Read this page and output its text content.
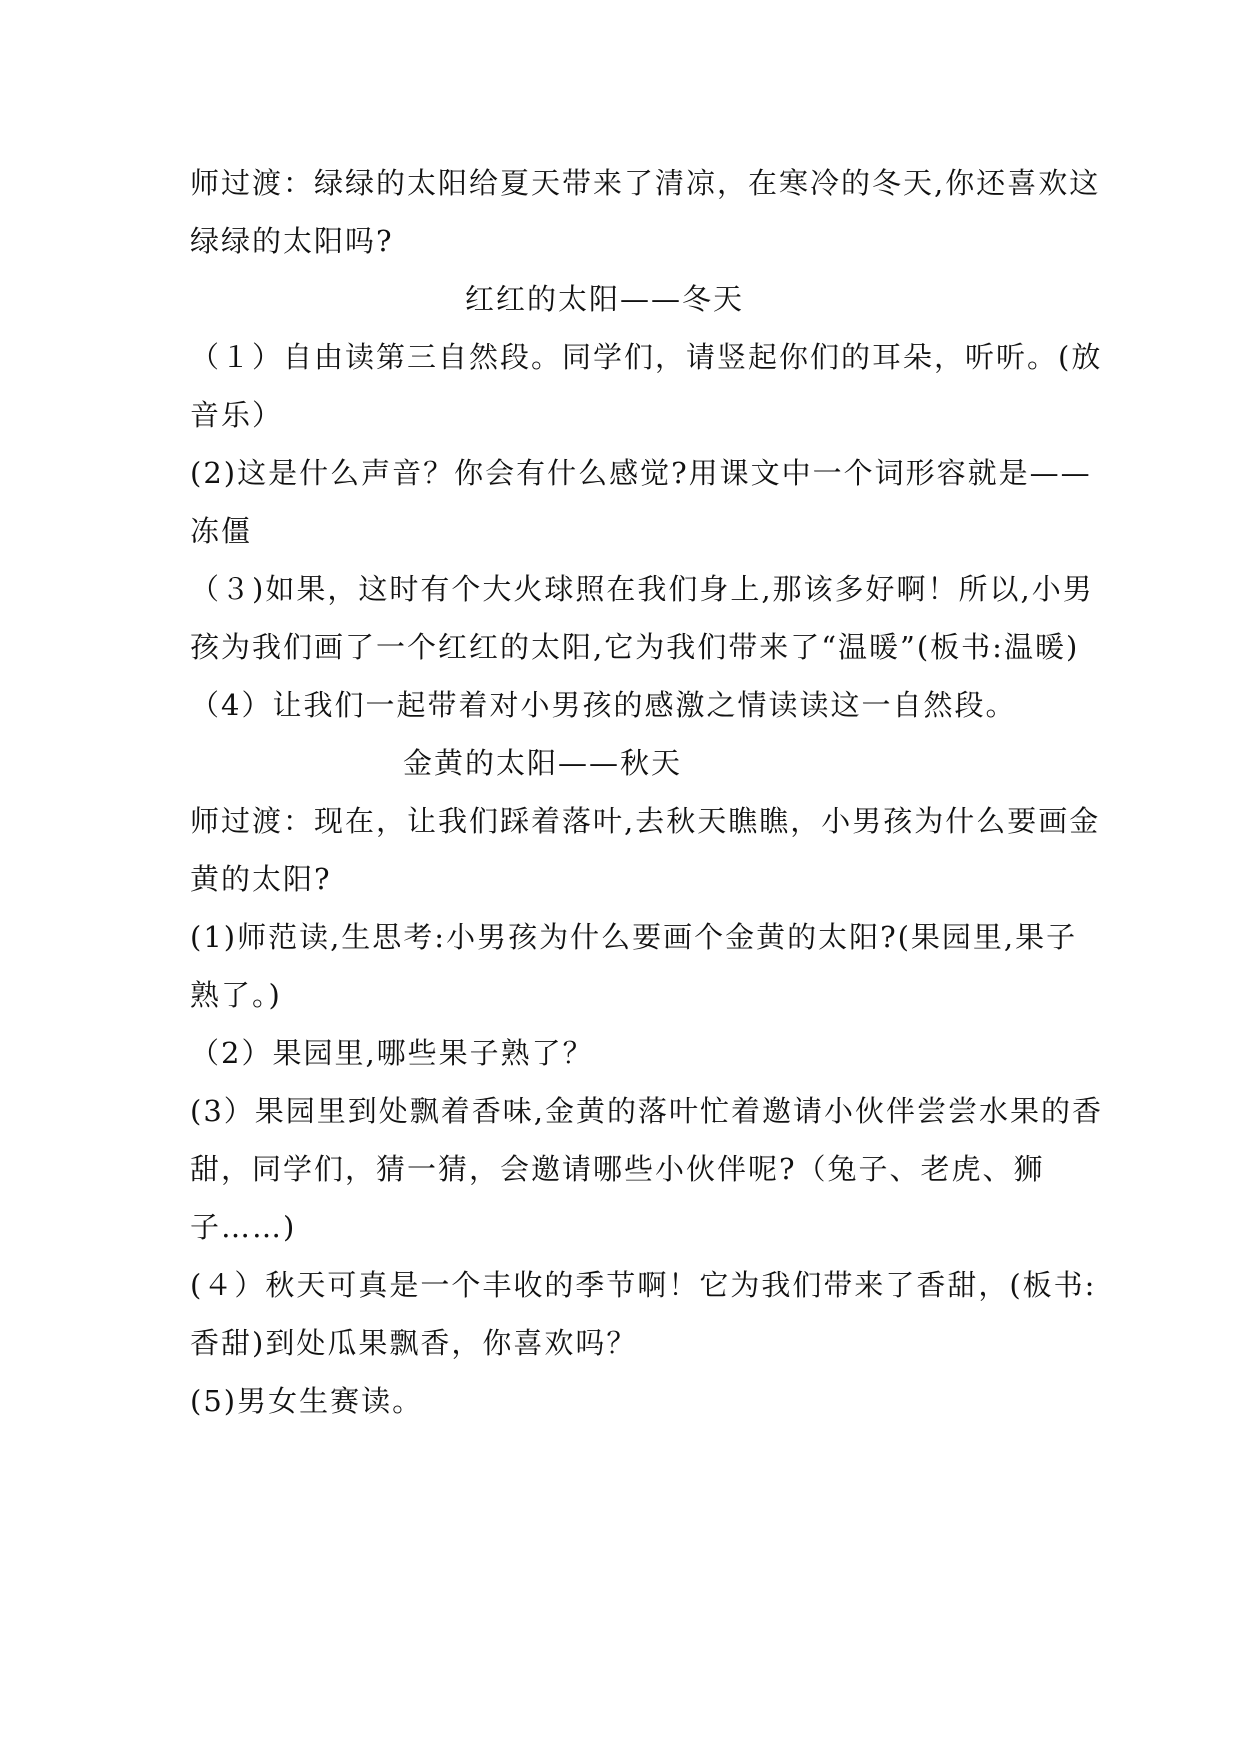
师过渡：绿绿的太阳给夏天带来了清凉，在寒冷的冬天,你还喜欢这
绿绿的太阳吗?
红红的太阳——冬天
（１）自由读第三自然段。同学们，请竖起你们的耳朵，听听。(放
音乐）
(2)这是什么声音？你会有什么感觉?用课文中一个词形容就是——
冻僵
（３)如果，这时有个大火球照在我们身上,那该多好啊！所以,小男
孩为我们画了一个红红的太阳,它为我们带来了“温暖”(板书:温暖)
（4）让我们一起带着对小男孩的感激之情读读这一自然段。
金黄的太阳——秋天
师过渡：现在，让我们踩着落叶,去秋天瞧瞧，小男孩为什么要画金
黄的太阳?
(1)师范读,生思考:小男孩为什么要画个金黄的太阳?(果园里,果子
熟了。)
（2）果园里,哪些果子熟了？
(3）果园里到处飘着香味,金黄的落叶忙着邀请小伙伴尝尝水果的香
甜，同学们，猜一猜，会邀请哪些小伙伴呢?（兔子、老虎、狮
子……)
(４）秋天可真是一个丰收的季节啊！它为我们带来了香甜，(板书:
香甜)到处瓜果飘香，你喜欢吗？
(5)男女生赛读。
